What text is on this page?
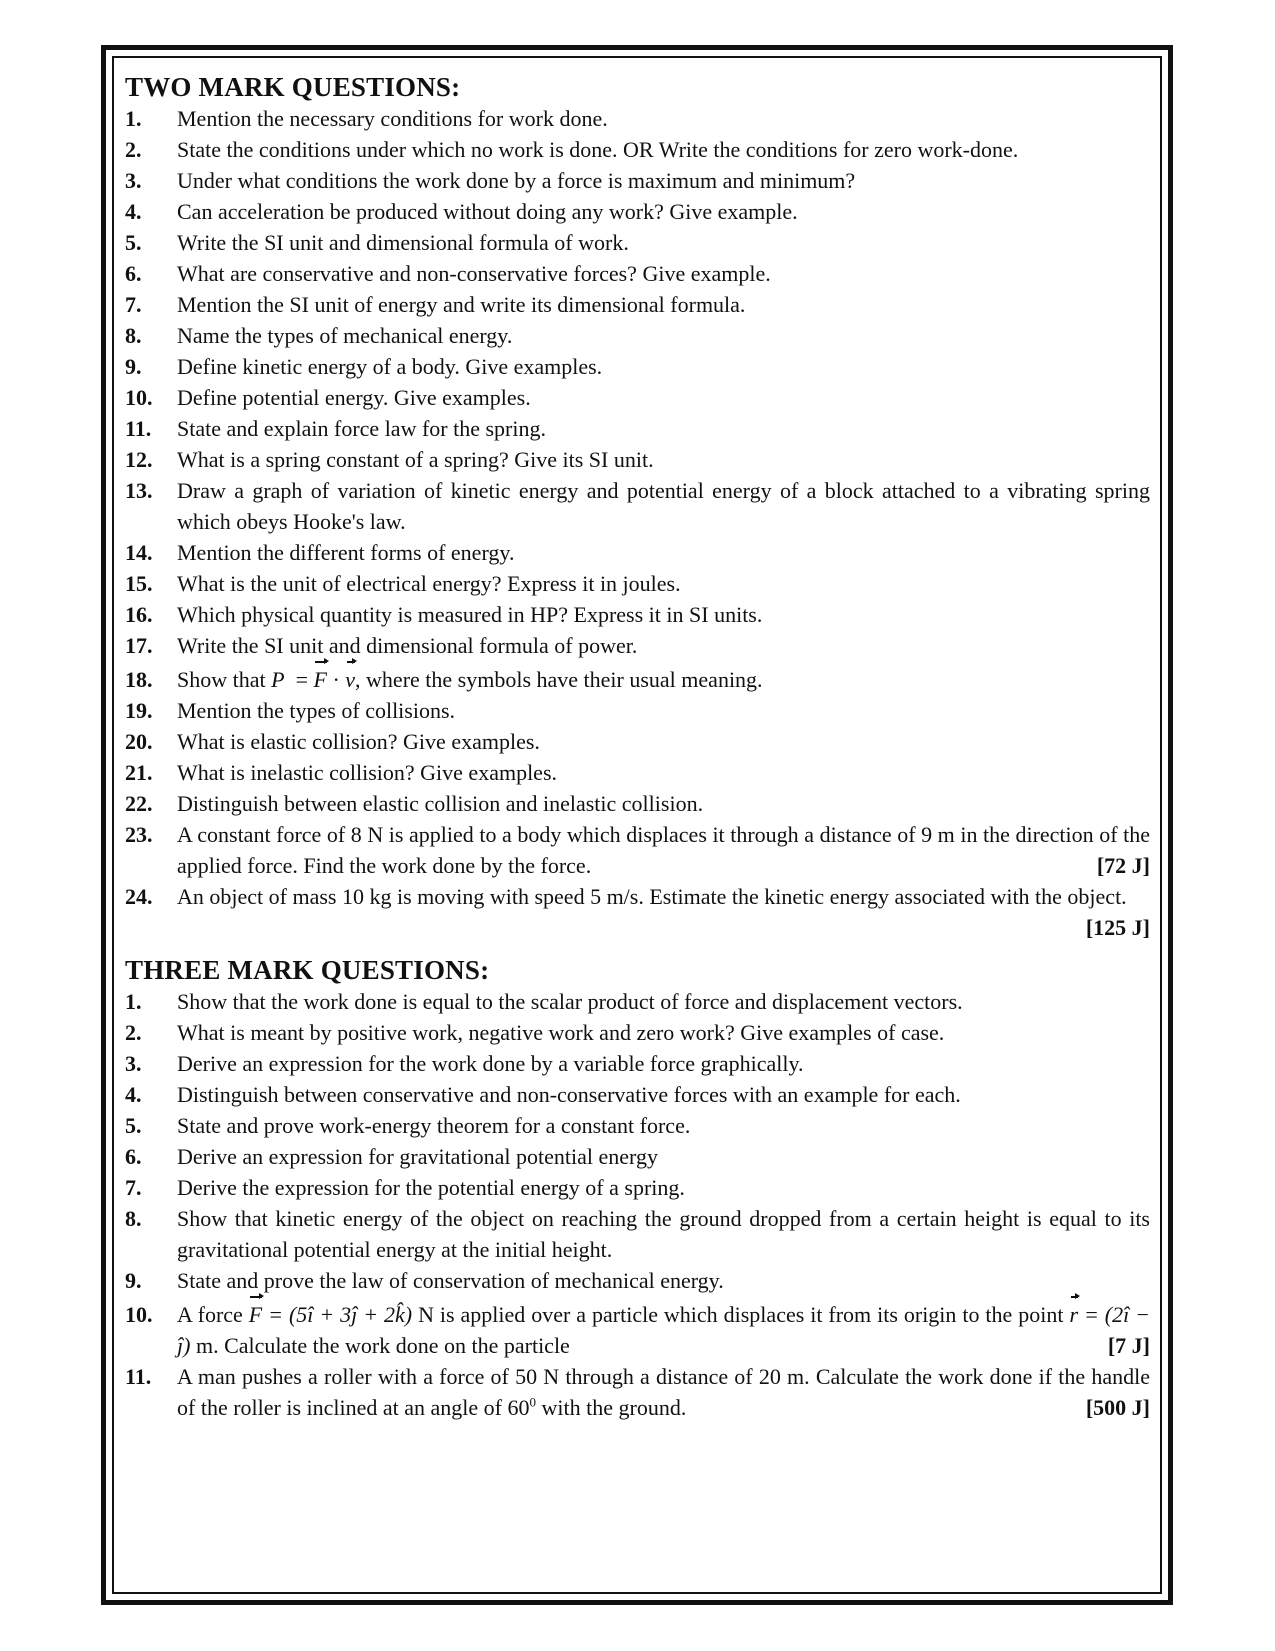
TWO MARK QUESTIONS:
1.	Mention the necessary conditions for work done.
2.	State the conditions under which no work is done. OR Write the conditions for zero work-done.
3.	Under what conditions the work done by a force is maximum and minimum?
4.	Can acceleration be produced without doing any work? Give example.
5.	Write the SI unit and dimensional formula of work.
6.	What are conservative and non-conservative forces? Give example.
7.	Mention the SI unit of energy and write its dimensional formula.
8.	Name the types of mechanical energy.
9.	Define kinetic energy of a body. Give examples.
10.	Define potential energy. Give examples.
11.	State and explain force law for the spring.
12.	What is a spring constant of a spring? Give its SI unit.
13.	Draw a graph of variation of kinetic energy and potential energy of a block attached to a vibrating spring which obeys Hooke's law.
14.	Mention the different forms of energy.
15.	What is the unit of electrical energy? Express it in joules.
16.	Which physical quantity is measured in HP? Express it in SI units.
17.	Write the SI unit and dimensional formula of power.
18.	Show that P = F · v, where the symbols have their usual meaning.
19.	Mention the types of collisions.
20.	What is elastic collision? Give examples.
21.	What is inelastic collision? Give examples.
22.	Distinguish between elastic collision and inelastic collision.
23.	A constant force of 8 N is applied to a body which displaces it through a distance of 9 m in the direction of the applied force. Find the work done by the force.	[72 J]
24.	An object of mass 10 kg is moving with speed 5 m/s. Estimate the kinetic energy associated with the object.
[125 J]
THREE MARK QUESTIONS:
1.	Show that the work done is equal to the scalar product of force and displacement vectors.
2.	What is meant by positive work, negative work and zero work? Give examples of case.
3.	Derive an expression for the work done by a variable force graphically.
4.	Distinguish between conservative and non-conservative forces with an example for each.
5.	State and prove work-energy theorem for a constant force.
6.	Derive an expression for gravitational potential energy
7.	Derive the expression for the potential energy of a spring.
8.	Show that kinetic energy of the object on reaching the ground dropped from a certain height is equal to its gravitational potential energy at the initial height.
9.	State and prove the law of conservation of mechanical energy.
10.	A force F = (5î + 3ĵ + 2k̂) N is applied over a particle which displaces it from its origin to the point r = (2î − ĵ) m. Calculate the work done on the particle	[7 J]
11.	A man pushes a roller with a force of 50 N through a distance of 20 m. Calculate the work done if the handle of the roller is inclined at an angle of $60^0$ with the ground.	[500 J]
